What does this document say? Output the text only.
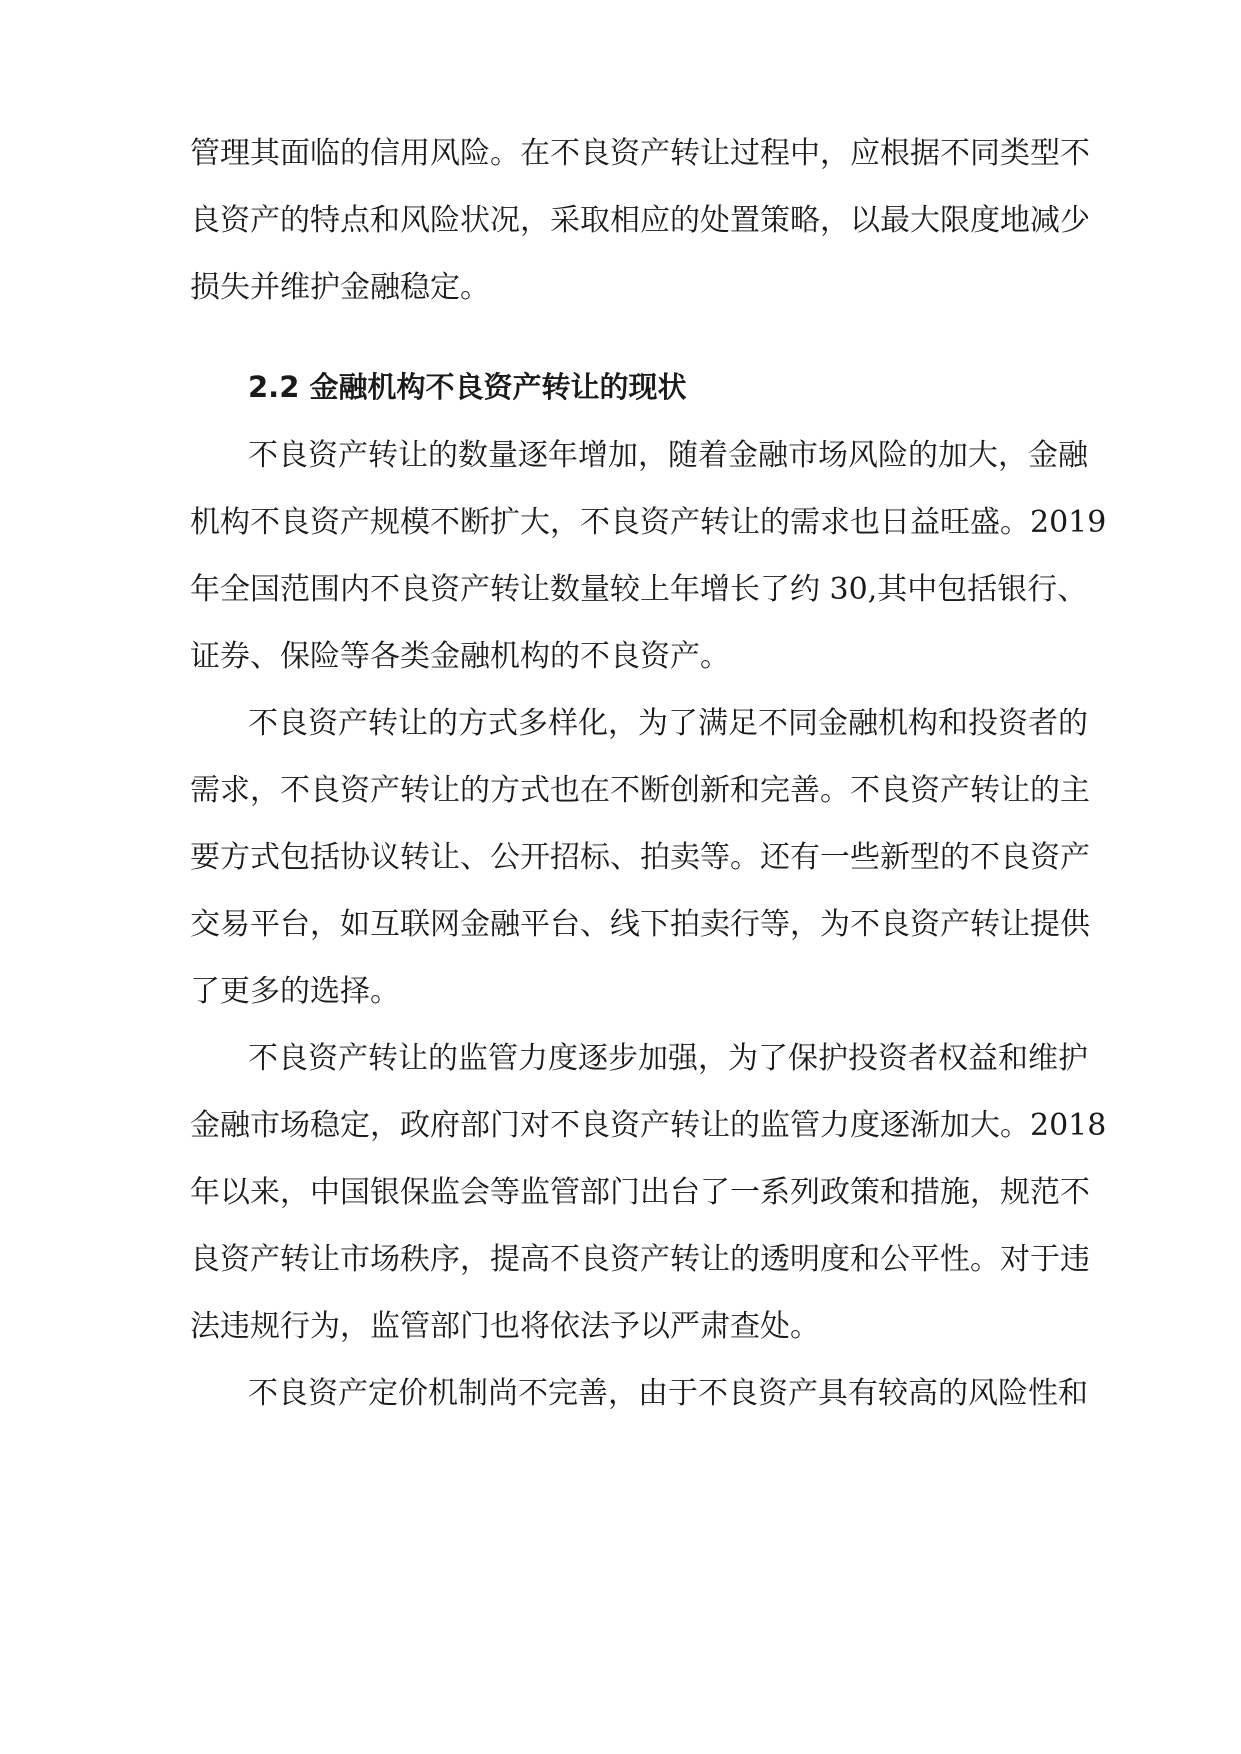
管理其面临的信用风险。在不良资产转让过程中，应根据不同类型不

良资产的特点和风险状况，采取相应的处置策略，以最大限度地减少

损失并维护金融稳定。

2.2 金融机构不良资产转让的现状

不良资产转让的数量逐年增加，随着金融市场风险的加大，金融

机构不良资产规模不断扩大，不良资产转让的需求也日益旺盛。2019

年全国范围内不良资产转让数量较上年增长了约 30,其中包括银行、

证券、保险等各类金融机构的不良资产。

不良资产转让的方式多样化，为了满足不同金融机构和投资者的

需求，不良资产转让的方式也在不断创新和完善。不良资产转让的主

要方式包括协议转让、公开招标、拍卖等。还有一些新型的不良资产

交易平台，如互联网金融平台、线下拍卖行等，为不良资产转让提供

了更多的选择。

不良资产转让的监管力度逐步加强，为了保护投资者权益和维护

金融市场稳定，政府部门对不良资产转让的监管力度逐渐加大。2018

年以来，中国银保监会等监管部门出台了一系列政策和措施，规范不

良资产转让市场秩序，提高不良资产转让的透明度和公平性。对于违

法违规行为，监管部门也将依法予以严肃查处。

不良资产定价机制尚不完善，由于不良资产具有较高的风险性和
